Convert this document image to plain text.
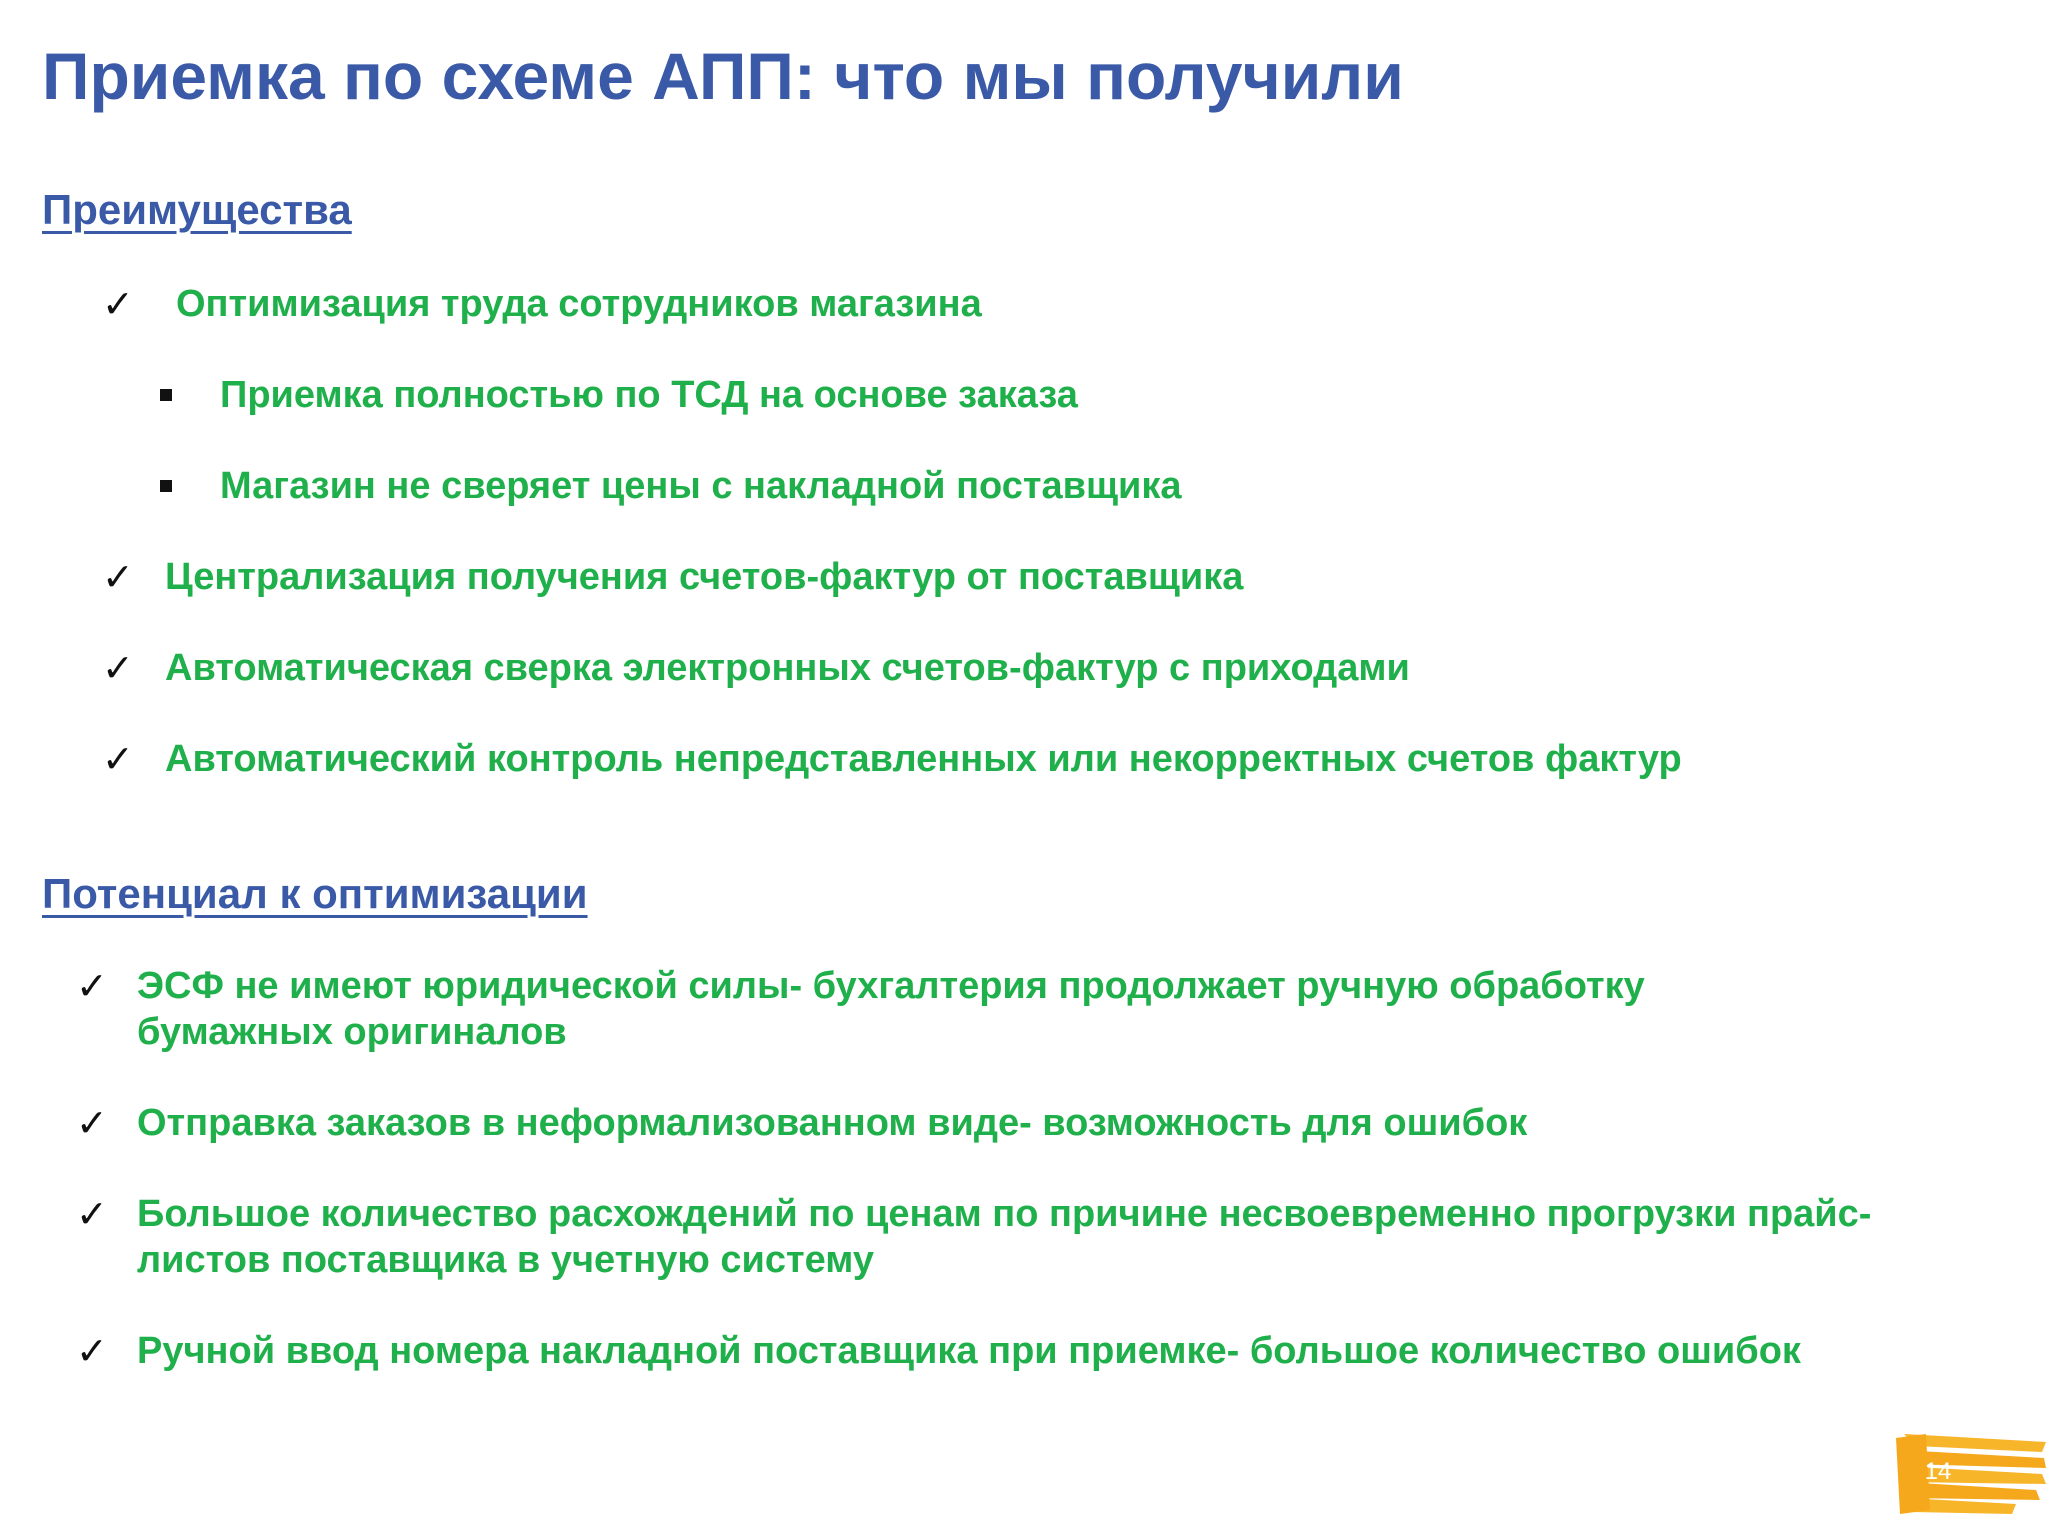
Приемка по схеме АПП: что мы получили
Преимущества
✓	Оптимизация труда сотрудников магазина
Приемка полностью по ТСД на основе заказа
Магазин не сверяет цены с накладной поставщика
✓ Централизация получения счетов-фактур от поставщика
✓ Автоматическая сверка электронных счетов-фактур с приходами
✓ Автоматический контроль непредставленных или некорректных счетов фактур
Потенциал к оптимизации
✓ ЭСФ не имеют юридической силы- бухгалтерия продолжает ручную обработку бумажных оригиналов
✓ Отправка заказов в неформализованном виде- возможность для ошибок
✓ Большое количество расхождений по ценам по причине несвоевременно прогрузки прайс-листов поставщика в учетную систему
✓ Ручной ввод номера накладной поставщика при приемке- большое количество ошибок
14
